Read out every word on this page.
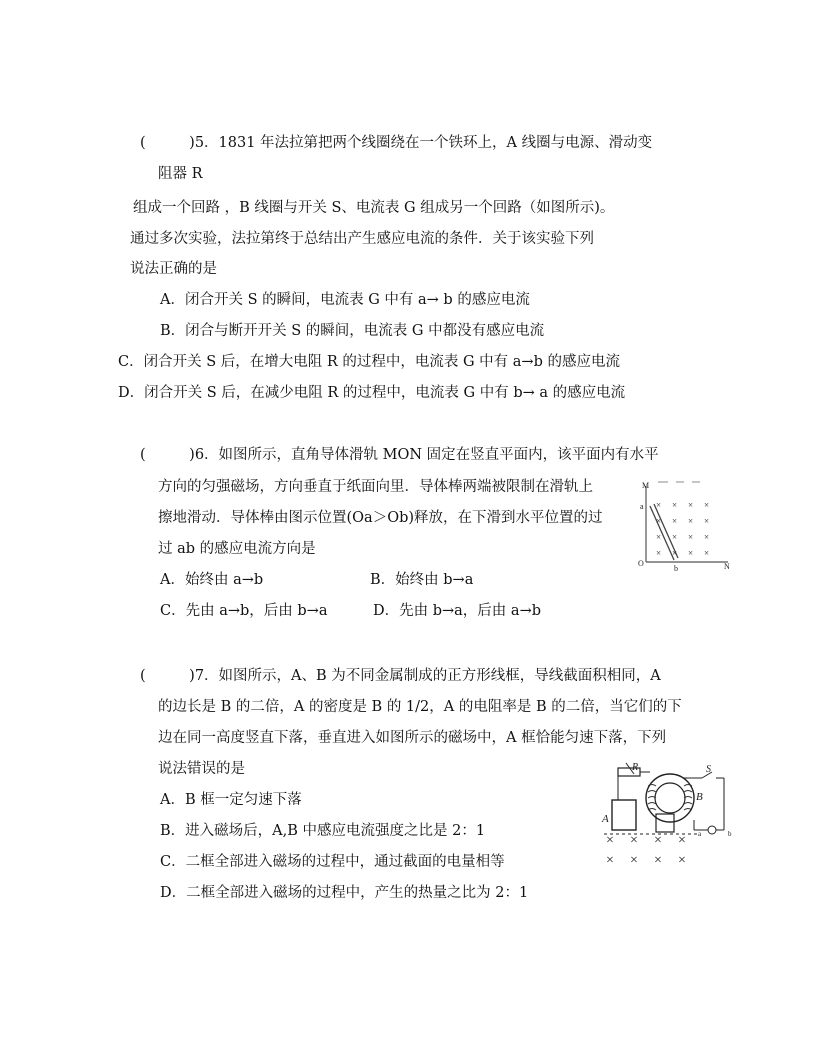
(　　　)5．1831 年法拉第把两个线圈绕在一个铁环上，A 线圈与电源、滑动变
阻器 R
组成一个回路 ，B 线圈与开关 S、电流表 G 组成另一个回路（如图所示)。
通过多次实验，法拉第终于总结出产生感应电流的条件．关于该实验下列
说法正确的是
A．闭合开关 S 的瞬间，电流表 G 中有 a→ b 的感应电流
B．闭合与断开开关 S 的瞬间，电流表 G 中都没有感应电流
C．闭合开关 S 后，在增大电阻 R 的过程中，电流表 G 中有 a→b 的感应电流
D．闭合开关 S 后，在减少电阻 R 的过程中，电流表 G 中有 b→ a 的感应电流
(　　　)6．如图所示，直角导体滑轨 MON 固定在竖直平面内，该平面内有水平
方向的匀强磁场，方向垂直于纸面向里．导体棒两端被限制在滑轨上
擦地滑动．导体棒由图示位置(Oa＞Ob)释放，在下滑到水平位置的过
过 ab 的感应电流方向是
A．始终由 a→b	B．始终由 b→a
C．先由 a→b，后由 b→a	D．先由 b→a，后由 a→b
× × × ×
× × × ×
× × × ×
× × × ×
M
a
O
b	N
(　　　)7．如图所示，A、B 为不同金属制成的正方形线框，导线截面积相同，A
的边长是 B 的二倍，A 的密度是 B 的 1/2，A 的电阻率是 B 的二倍，当它们的下
边在同一高度竖直下落，垂直进入如图所示的磁场中，A 框恰能匀速下落，下列
说法错误的是
A．B 框一定匀速下落
B．进入磁场后，A,B 中感应电流强度之比是 2：1
C．二框全部进入磁场的过程中，通过截面的电量相等
D．二框全部进入磁场的过程中，产生的热量之比为 2：1
× × × ×
× × × ×
R	S
A
B
a	b
